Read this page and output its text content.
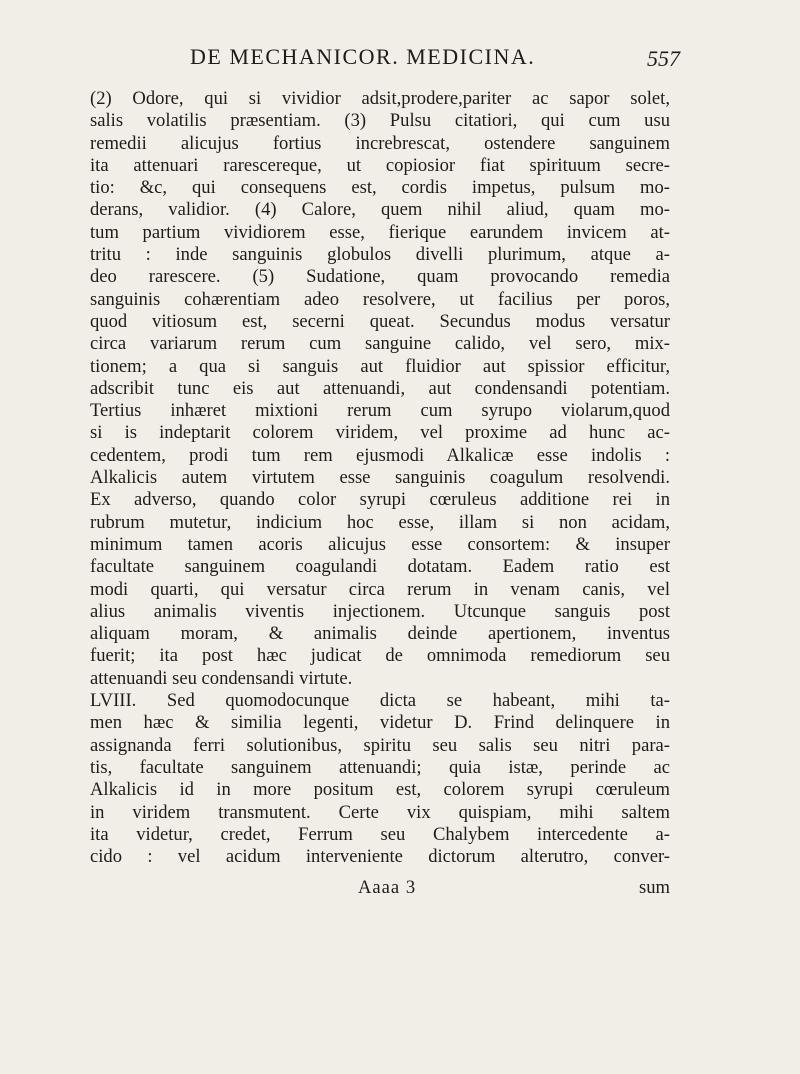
DE MECHANICOR. MEDICINA.	557
(2) Odore, qui si vividior adsit,prodere,pariter ac sapor solet,
salis volatilis præsentiam. (3) Pulsu citatiori, qui cum usu
remedii alicujus fortius increbrescat, ostendere sanguinem
ita attenuari rarescereque, ut copiosior fiat spirituum secre-
tio: &c, qui consequens est, cordis impetus, pulsum mo-
derans, validior. (4) Calore, quem nihil aliud, quam mo-
tum partium vividiorem esse, fierique earundem invicem at-
tritu : inde sanguinis globulos divelli plurimum, atque a-
deo rarescere. (5) Sudatione, quam provocando remedia
sanguinis cohærentiam adeo resolvere, ut facilius per poros,
quod vitiosum est, secerni queat. Secundus modus versatur
circa variarum rerum cum sanguine calido, vel sero, mix-
tionem; a qua si sanguis aut fluidior aut spissior efficitur,
adscribit tunc eis aut attenuandi, aut condensandi potentiam.
Tertius inhæret mixtioni rerum cum syrupo violarum,quod
si is indeptarit colorem viridem, vel proxime ad hunc ac-
cedentem, prodi tum rem ejusmodi Alkalicæ esse indolis :
Alkalicis autem virtutem esse sanguinis coagulum resolvendi.
Ex adverso, quando color syrupi cœruleus additione rei in
rubrum mutetur, indicium hoc esse, illam si non acidam,
minimum tamen acoris alicujus esse consortem: & insuper
facultate sanguinem coagulandi dotatam. Eadem ratio est
modi quarti, qui versatur circa rerum in venam canis, vel
alius animalis viventis injectionem. Utcunque sanguis post
aliquam moram, & animalis deinde apertionem, inventus
fuerit; ita post hæc judicat de omnimoda remediorum seu
attenuandi seu condensandi virtute.
LVIII. Sed quomodocunque dicta se habeant, mihi ta-
men hæc & similia legenti, videtur D. Frind delinquere in
assignanda ferri solutionibus, spiritu seu salis seu nitri para-
tis, facultate sanguinem attenuandi; quia istæ, perinde ac
Alkalicis id in more positum est, colorem syrupi cœruleum
in viridem transmutent. Certe vix quispiam, mihi saltem
ita videtur, credet, Ferrum seu Chalybem intercedente a-
cido : vel acidum interveniente dictorum alterutro, conver-
Aaaa 3	sum
